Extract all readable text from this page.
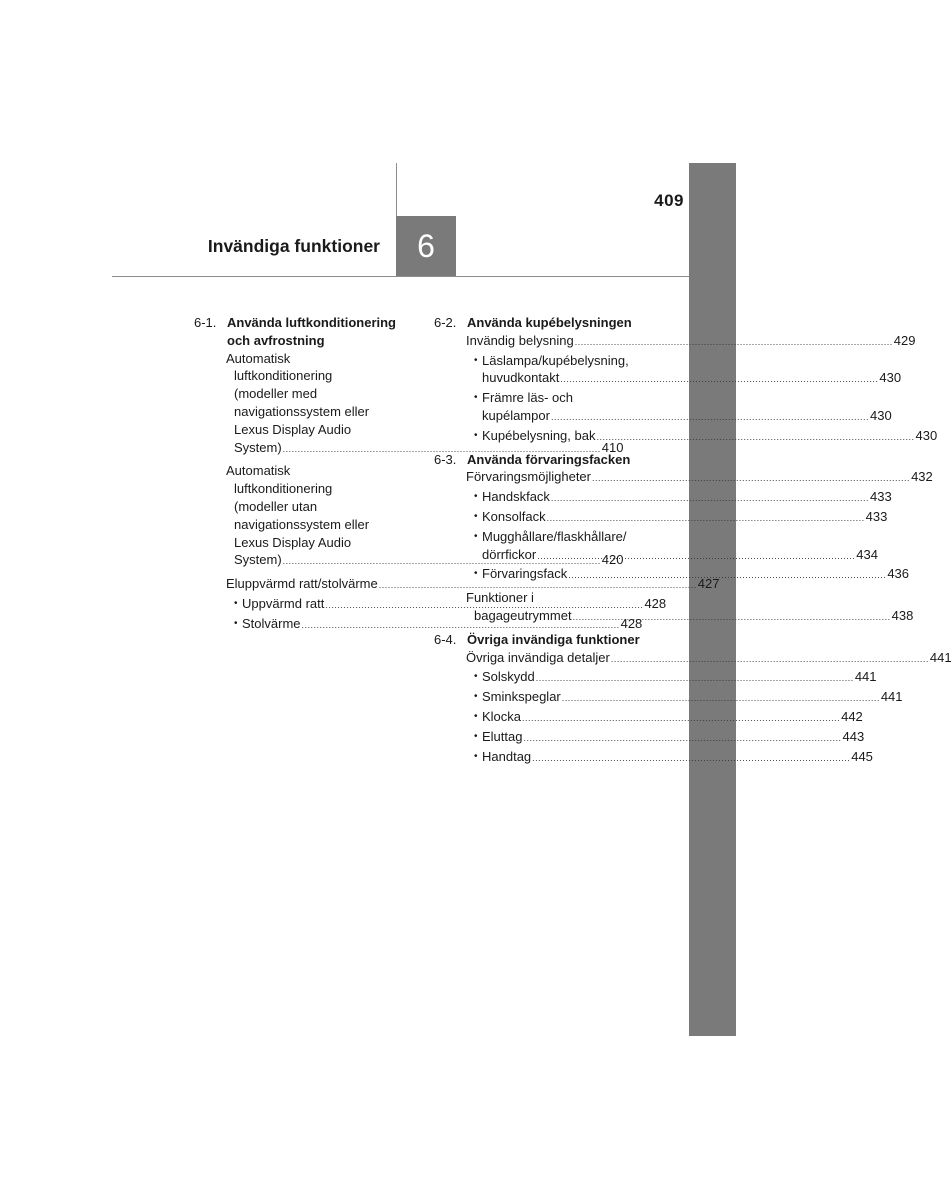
409
Invändiga funktioner	6
6-1. Använda luftkonditionering och avfrostning
Automatisk
luftkonditionering
(modeller med
navigationssystem eller
Lexus Display Audio
System) .....	410
Automatisk
luftkonditionering
(modeller utan
navigationssystem eller
Lexus Display Audio
System) .....	420
Eluppvärmd ratt/stolvärme .....	427
• Uppvärmd ratt .....	428
• Stolvärme .....	428
6-2. Använda kupébelysningen
Invändig belysning .....	429
• Läslampa/kupébelysning,
huvudkontakt .....	430
• Främre läs- och
kupélampor .....	430
• Kupébelysning, bak .....	430
6-3. Använda förvaringsfacken
Förvaringsmöjligheter .....	432
• Handskfack .....	433
• Konsolfack .....	433
• Mugghållare/flaskhållare/
dörrfickor .....	434
• Förvaringsfack .....	436
Funktioner i
bagageutrymmet .....	438
6-4. Övriga invändiga funktioner
Övriga invändiga detaljer .....	441
• Solskydd .....	441
• Sminkspeglar .....	441
• Klocka .....	442
• Eluttag .....	443
• Handtag .....	445
